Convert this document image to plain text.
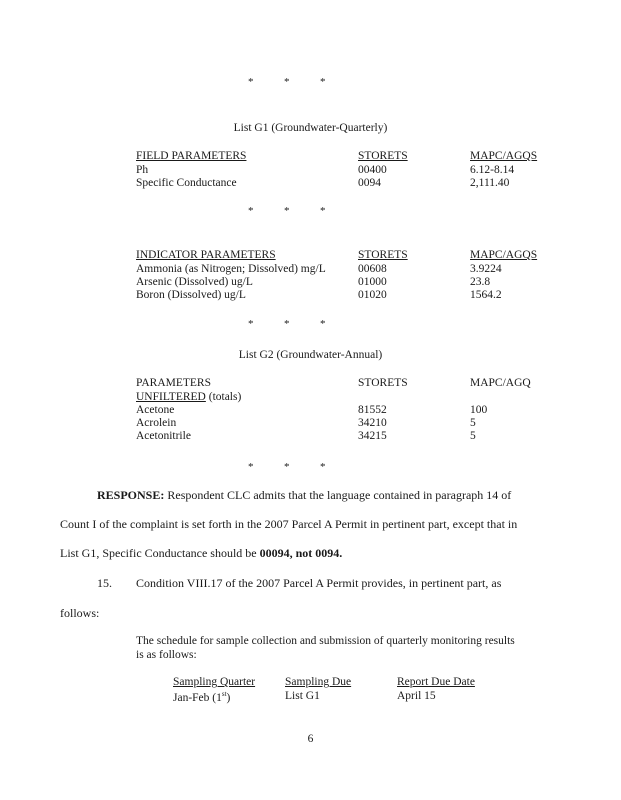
*	*	*
List G1 (Groundwater-Quarterly)
FIELD PARAMETERS	STORETS	MAPC/AGQS
Ph	00400	6.12-8.14
Specific Conductance	0094	2,111.40
*	*	*
INDICATOR PARAMETERS	STORETS	MAPC/AGQS
Ammonia (as Nitrogen; Dissolved) mg/L	00608	3.9224
Arsenic (Dissolved) ug/L	01000	23.8
Boron (Dissolved) ug/L	01020	1564.2
*	*	*
List G2 (Groundwater-Annual)
PARAMETERS	STORETS	MAPC/AGQ
UNFILTERED (totals)
Acetone	81552	100
Acrolein	34210	5
Acetonitrile	34215	5
*	*	*
RESPONSE: Respondent CLC admits that the language contained in paragraph 14 of
Count I of the complaint is set forth in the 2007 Parcel A Permit in pertinent part, except that in
List G1, Specific Conductance should be 00094, not 0094.
15. Condition VIII.17 of the 2007 Parcel A Permit provides, in pertinent part, as
follows:
The schedule for sample collection and submission of quarterly monitoring results
is as follows:
Sampling Quarter	Sampling Due	Report Due Date
Jan-Feb (1st)	List G1	April 15
6
